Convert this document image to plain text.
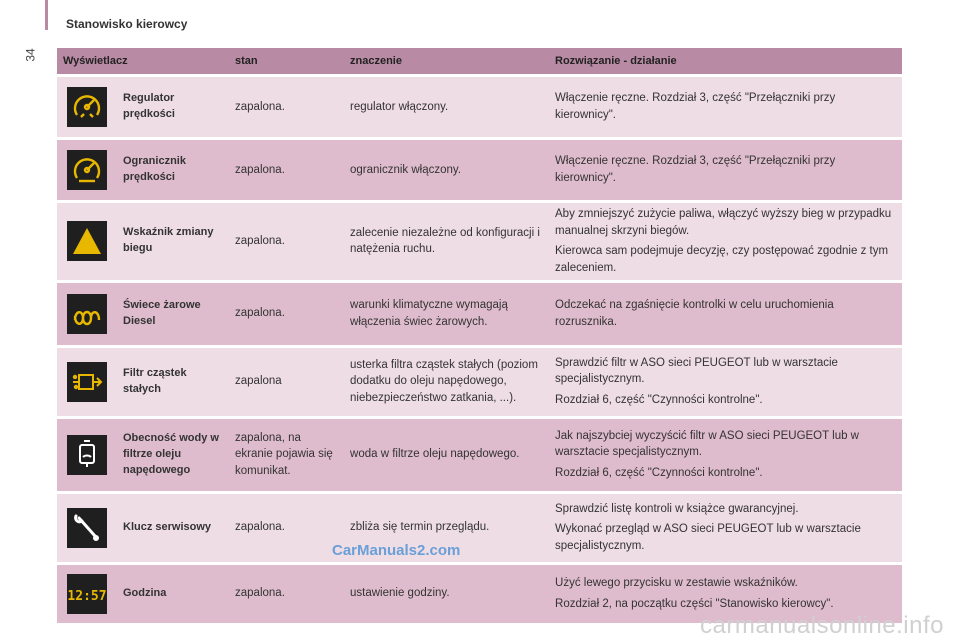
34
Stanowisko kierowcy
Wyświetlacz		stan	znaczenie	Rozwiązanie - działanie

	Regulator prędkości	zapalona.	regulator włączony.	Włączenie ręczne. Rozdział 3, część "Przełączniki przy kierownicy".

	Ogranicznik prędkości	zapalona.	ogranicznik włączony.	Włączenie ręczne. Rozdział 3, część "Przełączniki przy kierownicy".

	Wskaźnik zmiany biegu	zapalona.	zalecenie niezależne od konfiguracji i natężenia ruchu.	Aby zmniejszyć zużycie paliwa, włączyć wyższy bieg w przypadku manualnej skrzyni biegów.

Kierowca sam podejmuje decyzję, czy postępować zgodnie z tym zaleceniem.

	Świece żarowe Diesel	zapalona.	warunki klimatyczne wymagają włączenia świec żarowych.	Odczekać na zgaśnięcie kontrolki w celu uruchomienia rozrusznika.

	Filtr cząstek stałych	zapalona	usterka filtra cząstek stałych (poziom dodatku do oleju napędowego, niebezpieczeństwo zatkania, ...).	Sprawdzić filtr w ASO sieci PEUGEOT lub w warsztacie specjalistycznym.

Rozdział 6, część "Czynności kontrolne".

	Obecność wody w filtrze oleju napędowego	zapalona, na ekranie pojawia się komunikat.	woda w filtrze oleju napędowego.	Jak najszybciej wyczyścić filtr w ASO sieci PEUGEOT lub w warsztacie specjalistycznym.

Rozdział 6, część "Czynności kontrolne".

	Klucz serwisowy	zapalona.	zbliża się termin przeglądu.	Sprawdzić listę kontroli w książce gwarancyjnej.

Wykonać przegląd w ASO sieci PEUGEOT lub w warsztacie specjalistycznym.

12:57	Godzina	zapalona.	ustawienie godziny.	Użyć lewego przycisku w zestawie wskaźników.

Rozdział 2, na początku części "Stanowisko kierowcy".

CarManuals2.com
carmanualsonline.info
